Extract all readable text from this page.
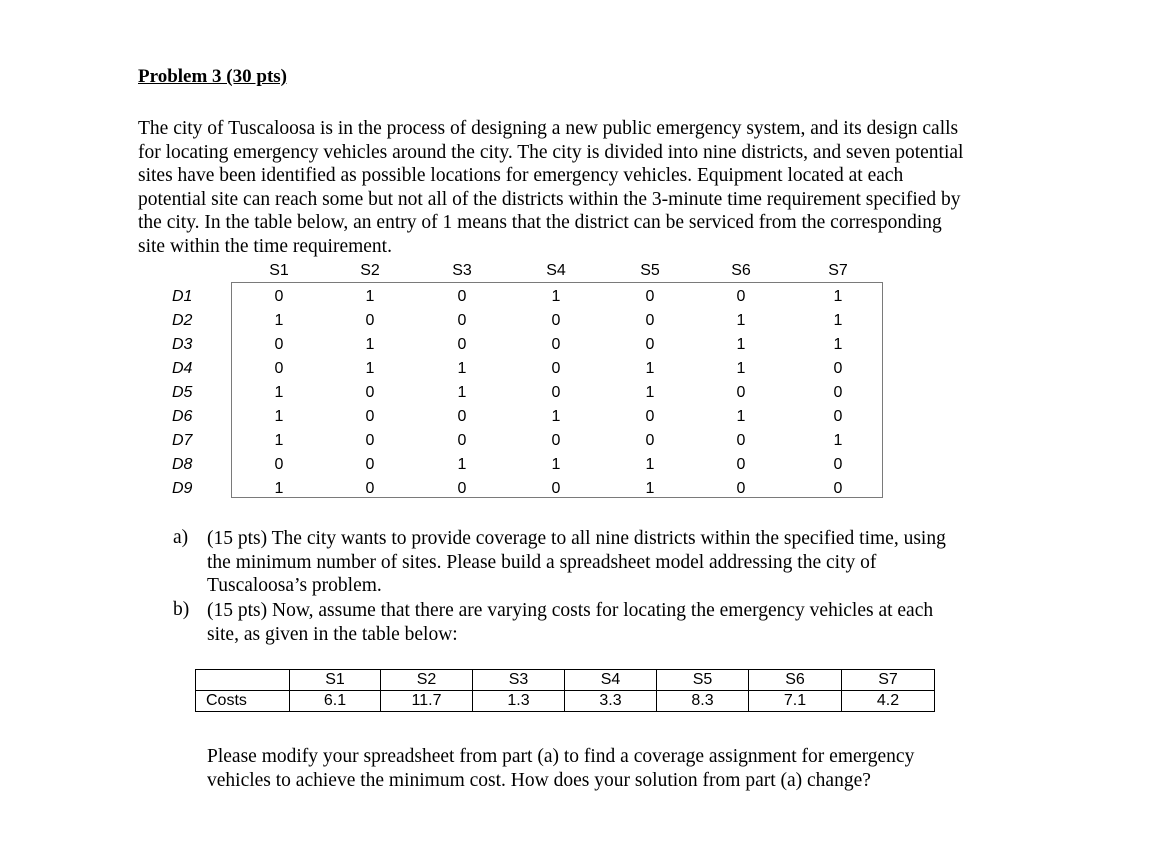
Problem 3 (30 pts)
The city of Tuscaloosa is in the process of designing a new public emergency system, and its design calls
for locating emergency vehicles around the city. The city is divided into nine districts, and seven potential
sites have been identified as possible locations for emergency vehicles. Equipment located at each
potential site can reach some but not all of the districts within the 3-minute time requirement specified by
the city. In the table below, an entry of 1 means that the district can be serviced from the corresponding
site within the time requirement.
S1	S2	S3	S4	S5	S6	S7
D1	0	1	0	1	0	0	1
D2	1	0	0	0	0	1	1
D3	0	1	0	0	0	1	1
D4	0	1	1	0	1	1	0
D5	1	0	1	0	1	0	0
D6	1	0	0	1	0	1	0
D7	1	0	0	0	0	0	1
D8	0	0	1	1	1	0	0
D9	1	0	0	0	1	0	0
a) (15 pts) The city wants to provide coverage to all nine districts within the specified time, using
the minimum number of sites. Please build a spreadsheet model addressing the city of
Tuscaloosa’s problem.
b) (15 pts) Now, assume that there are varying costs for locating the emergency vehicles at each
site, as given in the table below:
	S1	S2	S3	S4	S5	S6	S7
Costs	6.1	11.7	1.3	3.3	8.3	7.1	4.2
Please modify your spreadsheet from part (a) to find a coverage assignment for emergency
vehicles to achieve the minimum cost. How does your solution from part (a) change?
